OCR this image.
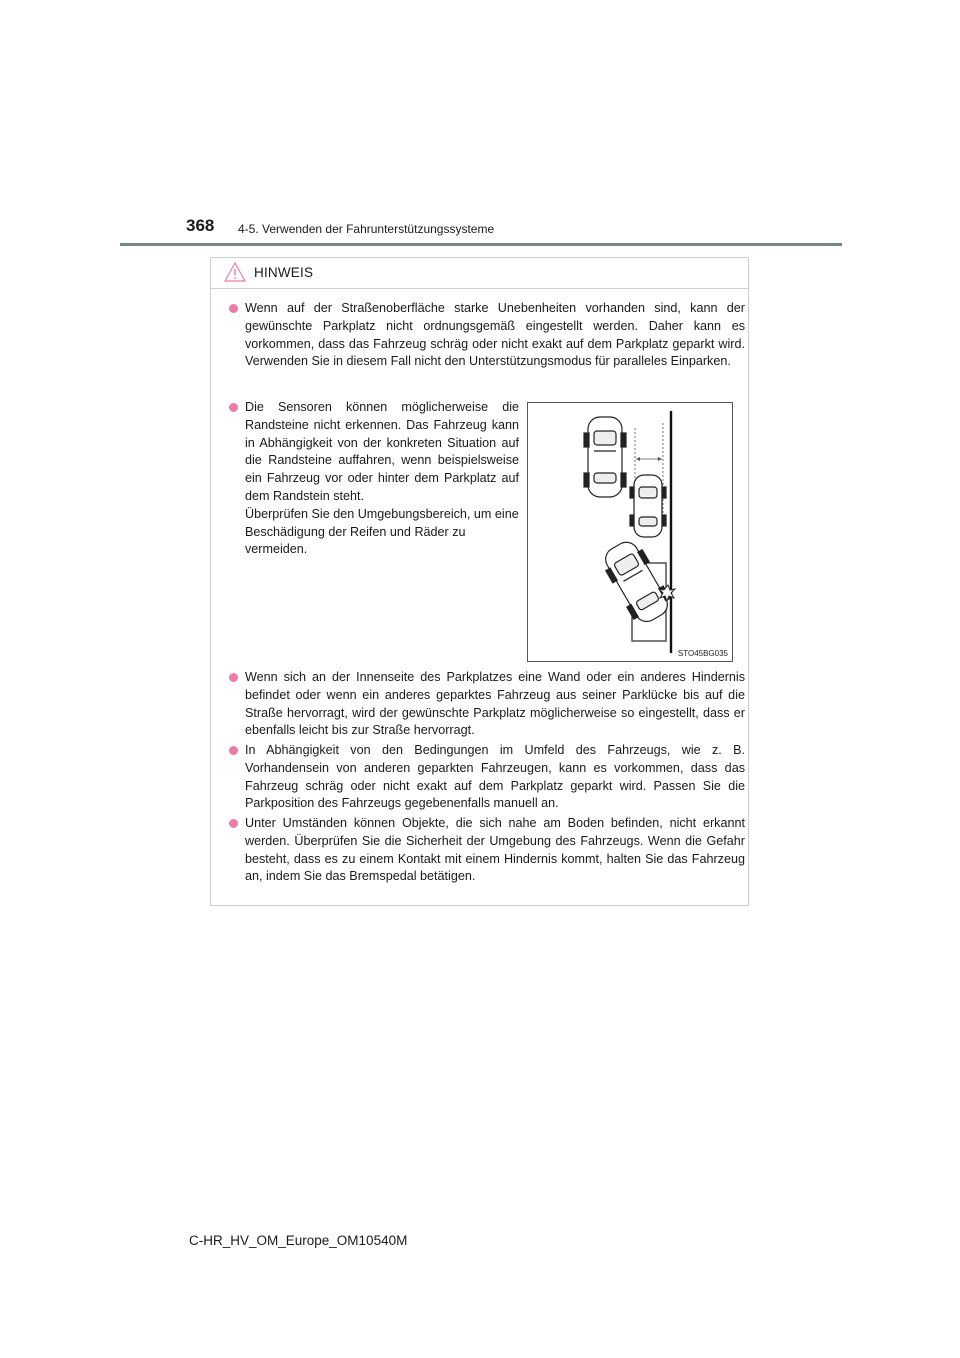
368 4-5. Verwenden der Fahrunterstützungssysteme
HINWEIS
Wenn auf der Straßenoberfläche starke Unebenheiten vorhanden sind, kann der gewünschte Parkplatz nicht ordnungsgemäß eingestellt werden. Daher kann es vorkommen, dass das Fahrzeug schräg oder nicht exakt auf dem Parkplatz geparkt wird. Verwenden Sie in diesem Fall nicht den Unterstützungsmodus für paralleles Einparken.
Die Sensoren können möglicherweise die Randsteine nicht erkennen. Das Fahrzeug kann in Abhängigkeit von der konkreten Situation auf die Randsteine auffahren, wenn beispielsweise ein Fahrzeug vor oder hinter dem Parkplatz auf dem Randstein steht.
Überprüfen Sie den Umgebungsbereich, um eine Beschädigung der Reifen und Räder zu vermeiden.
STO45BG035
Wenn sich an der Innenseite des Parkplatzes eine Wand oder ein anderes Hindernis befindet oder wenn ein anderes geparktes Fahrzeug aus seiner Parklücke bis auf die Straße hervorragt, wird der gewünschte Parkplatz möglicherweise so eingestellt, dass er ebenfalls leicht bis zur Straße hervorragt.
In Abhängigkeit von den Bedingungen im Umfeld des Fahrzeugs, wie z. B. Vorhandensein von anderen geparkten Fahrzeugen, kann es vorkommen, dass das Fahrzeug schräg oder nicht exakt auf dem Parkplatz geparkt wird. Passen Sie die Parkposition des Fahrzeugs gegebenenfalls manuell an.
Unter Umständen können Objekte, die sich nahe am Boden befinden, nicht erkannt werden. Überprüfen Sie die Sicherheit der Umgebung des Fahrzeugs. Wenn die Gefahr besteht, dass es zu einem Kontakt mit einem Hindernis kommt, halten Sie das Fahrzeug an, indem Sie das Bremspedal betätigen.
C-HR_HV_OM_Europe_OM10540M
